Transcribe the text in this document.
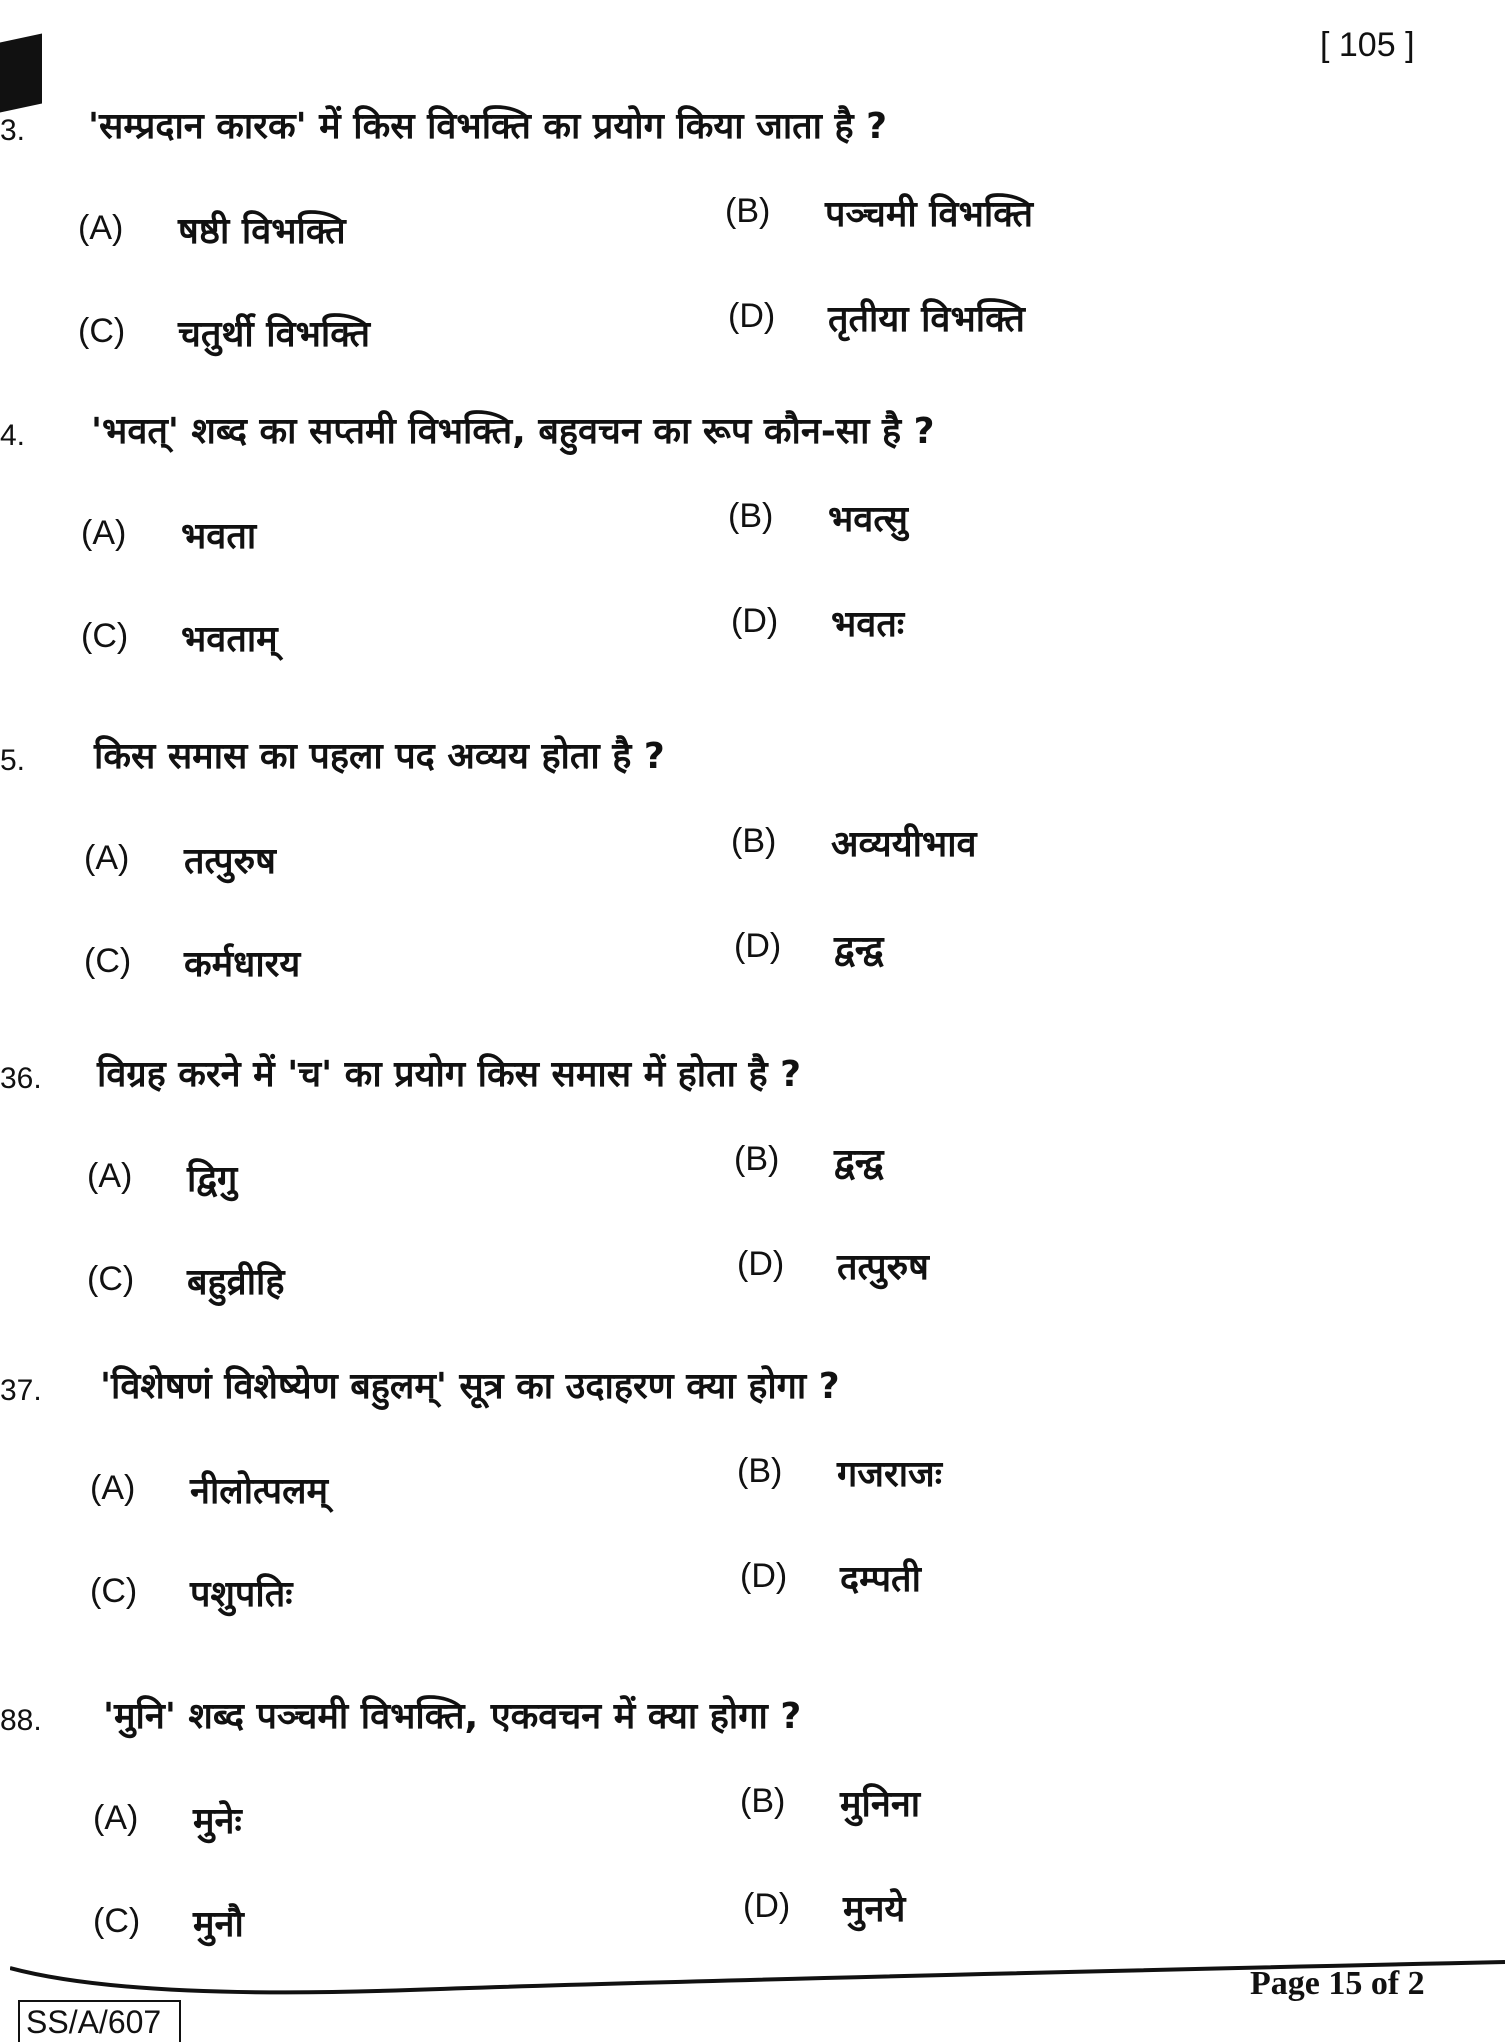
[ 105 ]
3. 'सम्प्रदान कारक' में किस विभक्ति का प्रयोग किया जाता है ?
(A) षष्ठी विभक्ति	(B) पञ्चमी विभक्ति
(C) चतुर्थी विभक्ति	(D) तृतीया विभक्ति
4. 'भवत्' शब्द का सप्तमी विभक्ति, बहुवचन का रूप कौन-सा है ?
(A) भवता	(B) भवत्सु
(C) भवताम्	(D) भवतः
5. किस समास का पहला पद अव्यय होता है ?
(A) तत्पुरुष	(B) अव्ययीभाव
(C) कर्मधारय	(D) द्वन्द्व
36. विग्रह करने में 'च' का प्रयोग किस समास में होता है ?
(A) द्विगु	(B) द्वन्द्व
(C) बहुव्रीहि	(D) तत्पुरुष
37. 'विशेषणं विशेष्येण बहुलम्' सूत्र का उदाहरण क्या होगा ?
(A) नीलोत्पलम्	(B) गजराजः
(C) पशुपतिः	(D) दम्पती
88. 'मुनि' शब्द पञ्चमी विभक्ति, एकवचन में क्या होगा ?
(A) मुनेः	(B) मुनिना
(C) मुनौ	(D) मुनये
SS/A/607
Page 15 of 2
